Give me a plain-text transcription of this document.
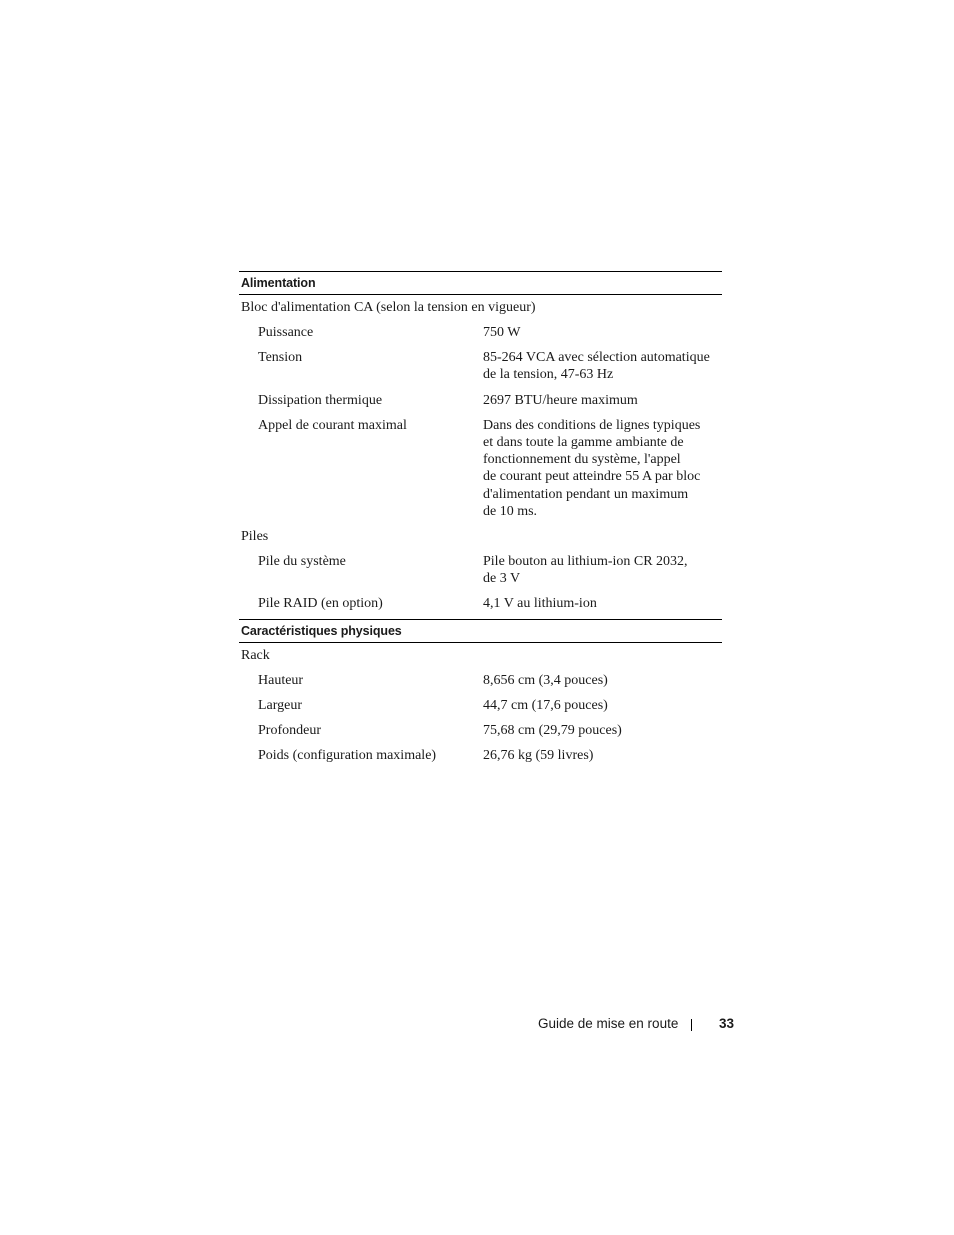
Alimentation
Bloc d'alimentation CA (selon la tension en vigueur)
Puissance	750 W
Tension	85-264 VCA avec sélection automatique
de la tension, 47-63 Hz
Dissipation thermique	2697 BTU/heure maximum
Appel de courant maximal	Dans des conditions de lignes typiques
et dans toute la gamme ambiante de
fonctionnement du système, l'appel
de courant peut atteindre 55 A par bloc
d'alimentation pendant un maximum
de 10 ms.
Piles
Pile du système	Pile bouton au lithium-ion CR 2032,
de 3 V
Pile RAID (en option)	4,1 V au lithium-ion
Caractéristiques physiques
Rack
Hauteur	8,656 cm (3,4 pouces)
Largeur	44,7 cm (17,6 pouces)
Profondeur	75,68 cm (29,79 pouces)
Poids (configuration maximale)	26,76 kg (59 livres)
Guide de mise en route	33
